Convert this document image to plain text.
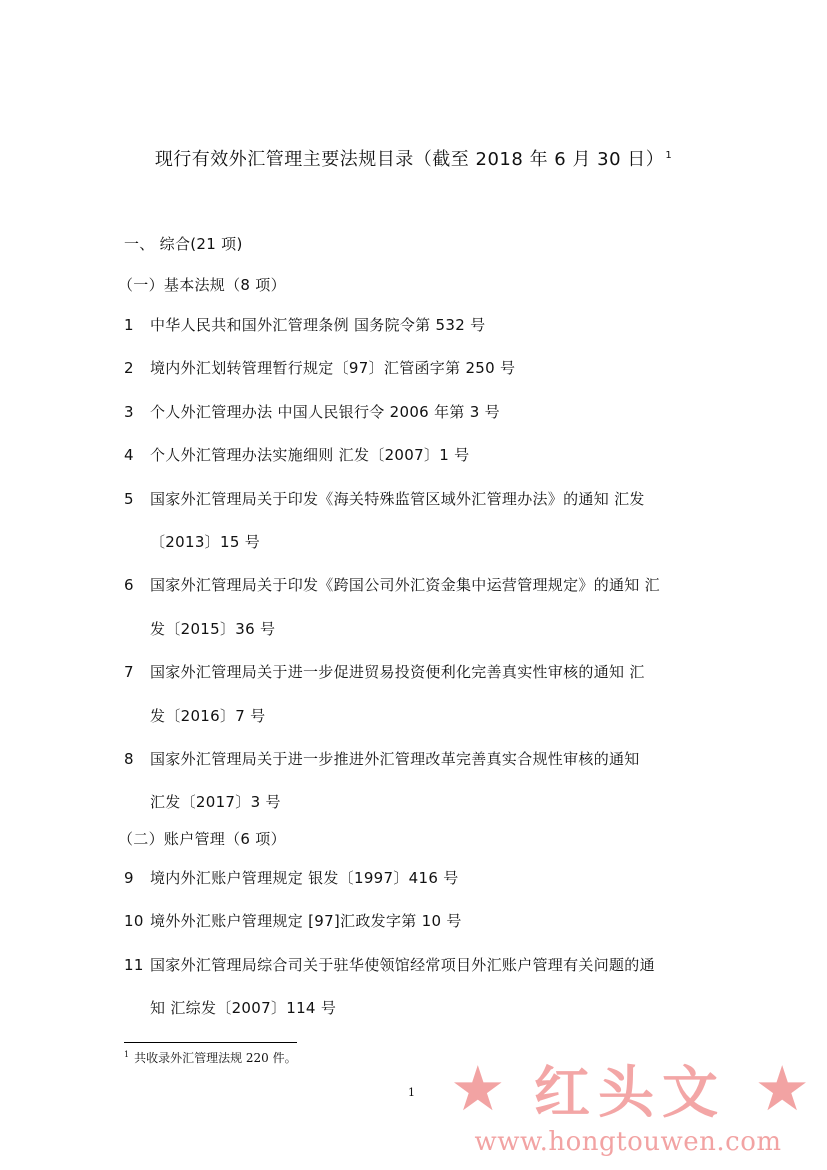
现行有效外汇管理主要法规目录（截至 2018 年 6 月 30 日）$^1$
一、 综合(21 项)
（一）基本法规（8 项）
1 中华人民共和国外汇管理条例 国务院令第 532 号
2 境内外汇划转管理暂行规定〔97〕汇管函字第 250 号
3 个人外汇管理办法 中国人民银行令 2006 年第 3 号
4 个人外汇管理办法实施细则 汇发〔2007〕1 号
5 国家外汇管理局关于印发《海关特殊监管区域外汇管理办法》的通知 汇发
〔2013〕15 号
6 国家外汇管理局关于印发《跨国公司外汇资金集中运营管理规定》的通知 汇
发〔2015〕36 号
7 国家外汇管理局关于进一步促进贸易投资便利化完善真实性审核的通知 汇
发〔2016〕7 号
8 国家外汇管理局关于进一步推进外汇管理改革完善真实合规性审核的通知
汇发〔2017〕3 号
（二）账户管理（6 项）
9 境内外汇账户管理规定 银发〔1997〕416 号
10 境外外汇账户管理规定 [97]汇政发字第 10 号
11 国家外汇管理局综合司关于驻华使领馆经常项目外汇账户管理有关问题的通
知 汇综发〔2007〕114 号
$^1$ 共收录外汇管理法规 220 件。
1 ★ 红头文 ★
www.hongtouwen.com
